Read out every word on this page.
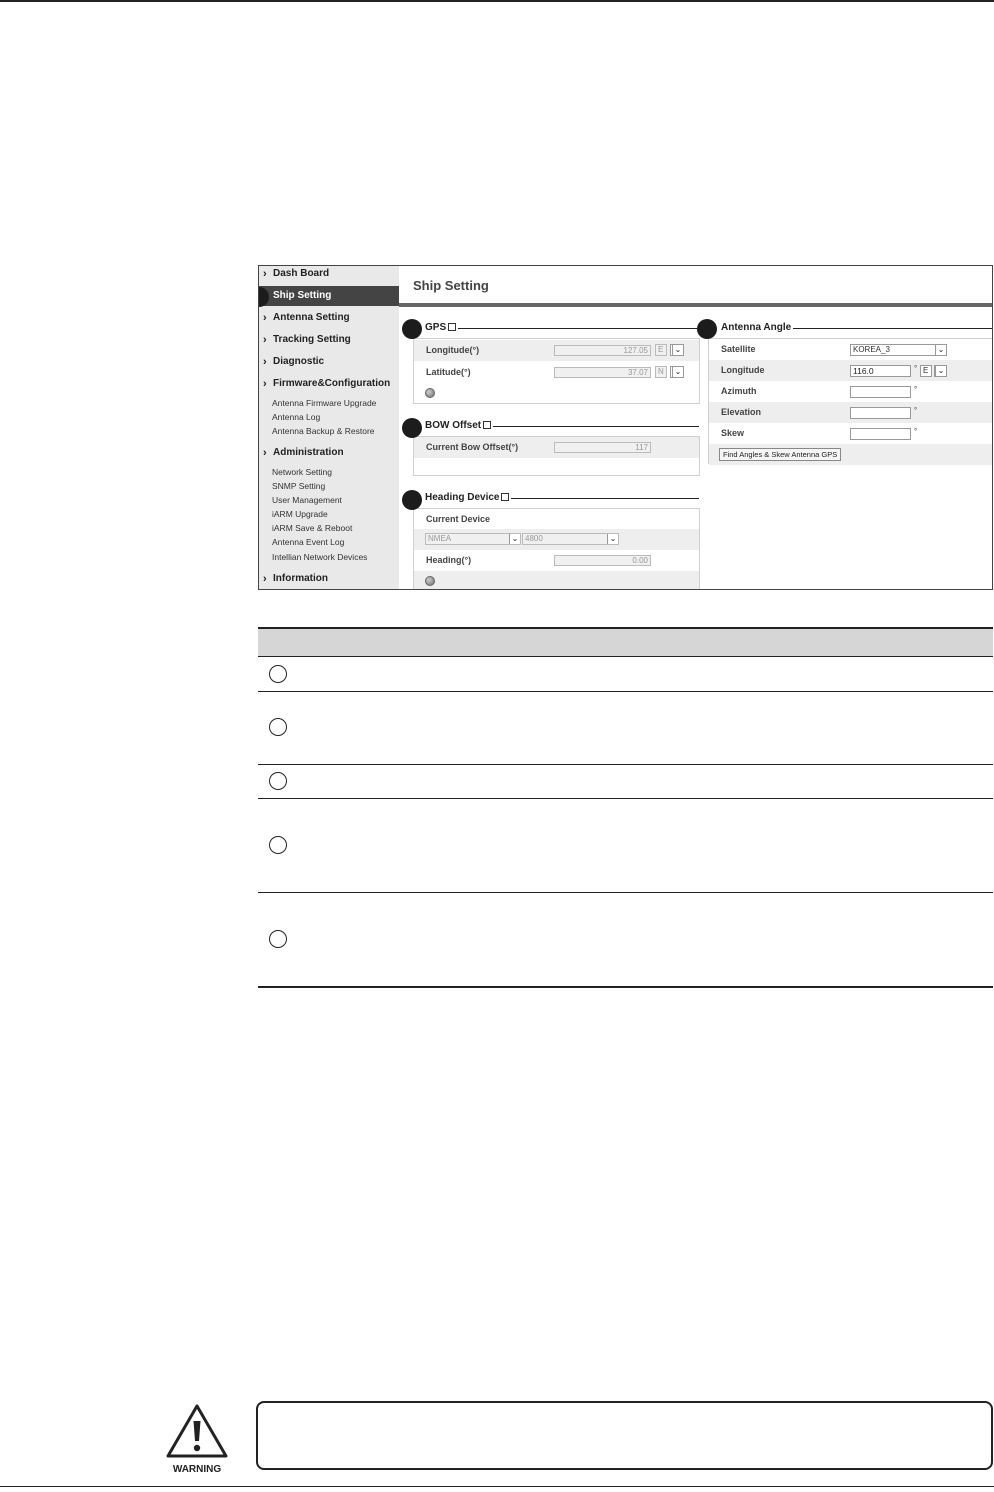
› Dash Board
Ship Setting
› Antenna Setting
› Tracking Setting
› Diagnostic
› Firmware&Configuration
Antenna Firmware Upgrade
Antenna Log
Antenna Backup & Restore
› Administration
Network Setting
SNMP Setting
User Management
iARM Upgrade
iARM Save & Reboot
Antenna Event Log
Intellian Network Devices
› Information
Ship Setting
GPS
Longitude(°)	127.05	E	⌄
Latitude(°)	37.07	N	⌄
BOW Offset
Current Bow Offset(°)	117
Heading Device
Current Device
NMEA	⌄ 4800	⌄
Heading(°)	0.00
Antenna Angle
Satellite	KOREA_3	⌄
Longitude	116.0	° E	⌄
Azimuth	°
Elevation	°
Skew	°
Find Angles & Skew Antenna GPS
WARNING
